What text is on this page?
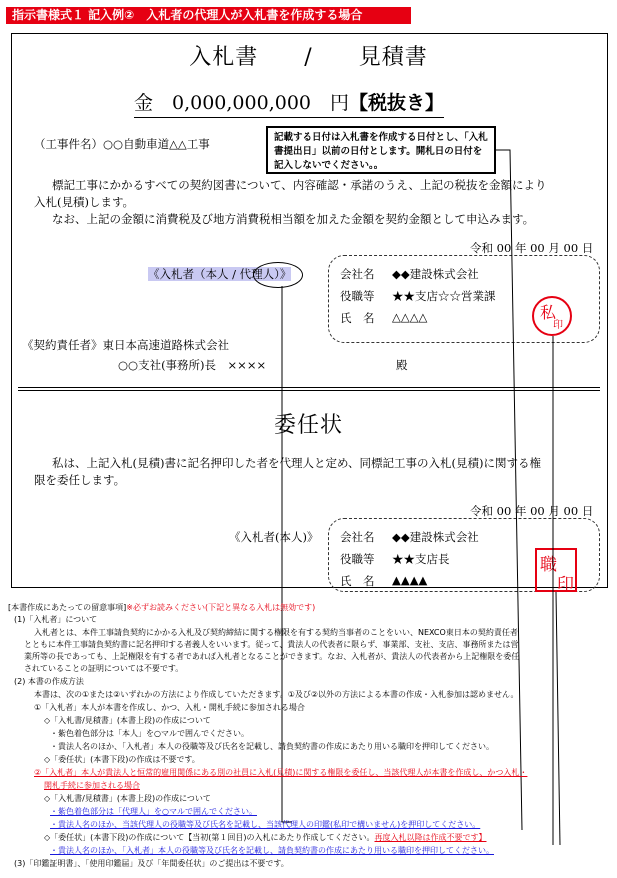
指示書様式１ 記入例②　入札者の代理人が入札書を作成する場合
入札書　　/　　見積書
金　0,000,000,000　円【税抜き】
（工事件名）○○自動車道△△工事	記載する日付は入札書を作成する日付とし、「入札書提出日」以前の日付とします。開札日の日付を記入しないでください。。
標記工事にかかるすべての契約図書について、内容確認・承諾のうえ、上記の税抜を金額により
入札(見積)します。
なお、上記の金額に消費税及び地方消費税相当額を加えた金額を契約金額として申込みます。
令和 00 年 00 月 00 日
《入札者（本人 / 代理人）》	会社名 ◆◆建設株式会社
役職等 ★★支店☆☆営業課
氏　名 △△△△	私
印
《契約責任者》東日本高速道路株式会社
○○支社(事務所)長　××××	殿
委任状
私は、上記入札(見積)書に記名押印した者を代理人と定め、同標記工事の入札(見積)に関する権
限を委任します。
令和 00 年 00 月 00 日
《入札者(本人)》 会社名 ◆◆建設株式会社
役職等 ★★支店長
氏　名 ▲▲▲▲
職
印
[本書作成にあたっての留意事項]※必ずお読みください(下記と異なる入札は無効です)
(1)「入札者」について
入札者とは、本件工事請負契約にかかる入札及び契約締結に関する権限を有する契約当事者のことをいい、NEXCO東日本の契約責任者
とともに本件工事請負契約書に記名押印する者義人をいいます。従って、貴法人の代表者に限らず、事業部、支社、支店、事務所または営
業所等の長であっても、上記権限を有する者であれば入札者となることができます。なお、入札者が、貴法人の代表者から上記権限を委任
されていることの証明については不要です。
(2) 本書の作成方法
本書は、次の①または②いずれかの方法により作成していただきます。①及び②以外の方法による本書の作成・入札参加は認めません。
①「入札者」本人が本書を作成し、かつ、入札・開札手続に参加される場合
◇「入札書/見積書」(本書上段)の作成について
・紫色着色部分は「本人」を○マルで囲んでください。
・貴法人名のほか、「入札者」本人の役職等及び氏名を記載し、請負契約書の作成にあたり用いる職印を押印してください。
◇「委任状」(本書下段)の作成は不要です。
②「入札者」本人が貴法人と恒常的雇用関係にある別の社員に入札(見積)に関する権限を委任し、当該代理人が本書を作成し、かつ入札・
開札手続に参加される場合
◇「入札書/見積書」(本書上段)の作成について
・紫色着色部分は「代理人」を○マルで囲んでください。
・貴法人名のほか、当該代理人の役職等及び氏名を記載し、当該代理人の印鑑(私印で構いません)を押印してください。
◇「委任状」(本書下段)の作成について【当初(第１回目)の入札にあたり作成してください。再度入札以降は作成不要です】
・貴法人名のほか、「入札者」本人の役職等及び氏名を記載し、請負契約書の作成にあたり用いる職印を押印してください。
(3)「印鑑証明書」、「使用印鑑届」及び「年間委任状」のご提出は不要です。
